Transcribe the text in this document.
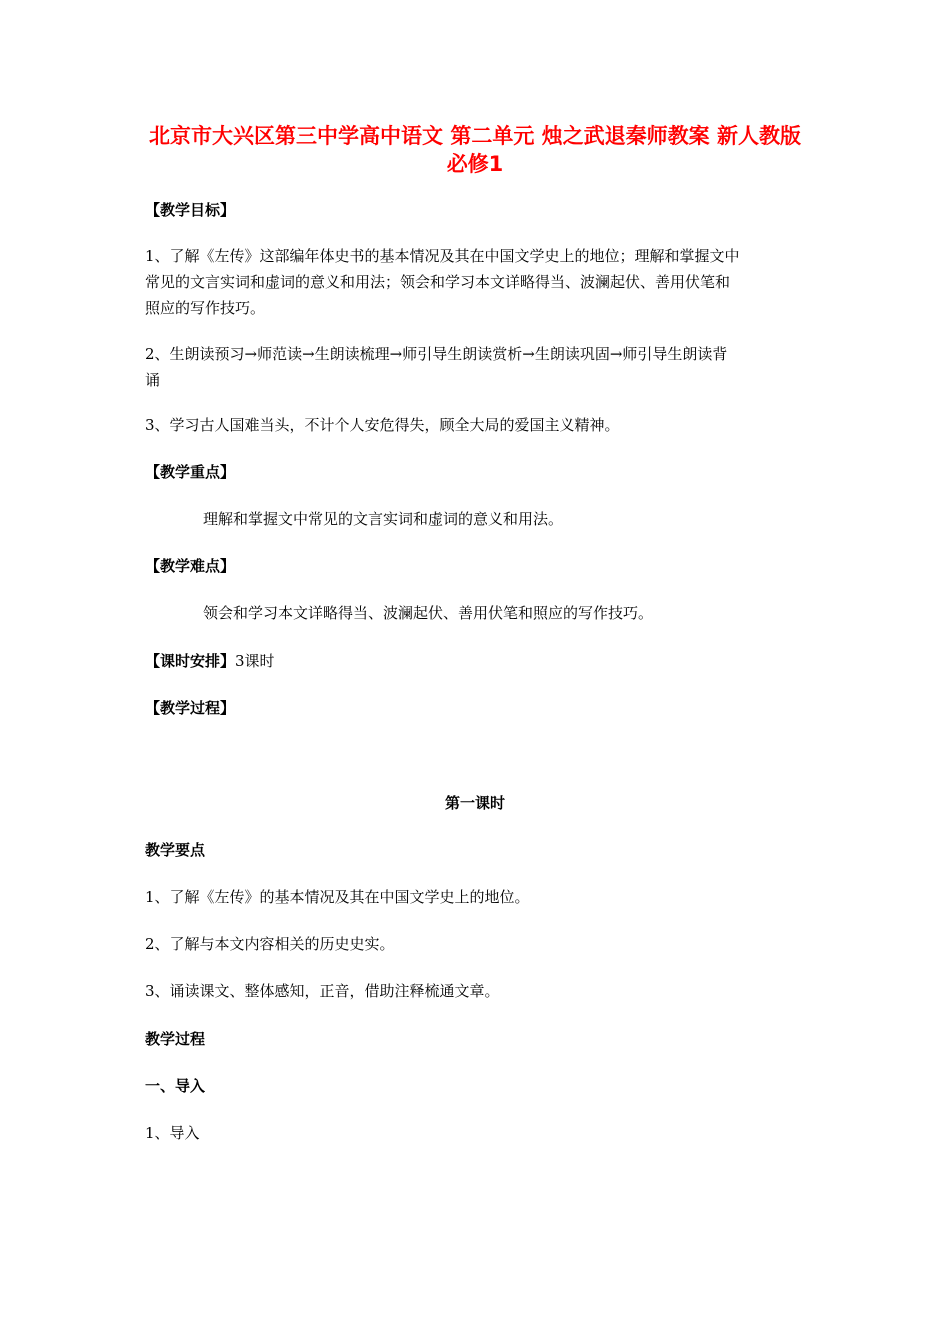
北京市大兴区第三中学高中语文 第二单元 烛之武退秦师教案 新人教版必修1

【教学目标】

1、了解《左传》这部编年体史书的基本情况及其在中国文学史上的地位；理解和掌握文中
常见的文言实词和虚词的意义和用法；领会和学习本文详略得当、波澜起伏、善用伏笔和
照应的写作技巧。
2、生朗读预习→师范读→生朗读梳理→师引导生朗读赏析→生朗读巩固→师引导生朗读背
诵

3、学习古人国难当头，不计个人安危得失，顾全大局的爱国主义精神。

【教学重点】

理解和掌握文中常见的文言实词和虚词的意义和用法。

【教学难点】

领会和学习本文详略得当、波澜起伏、善用伏笔和照应的写作技巧。

【课时安排】3课时

【教学过程】

第一课时

教学要点

1、了解《左传》的基本情况及其在中国文学史上的地位。

2、了解与本文内容相关的历史史实。

3、诵读课文、整体感知，正音，借助注释梳通文章。

教学过程

一、导入

1、导入
